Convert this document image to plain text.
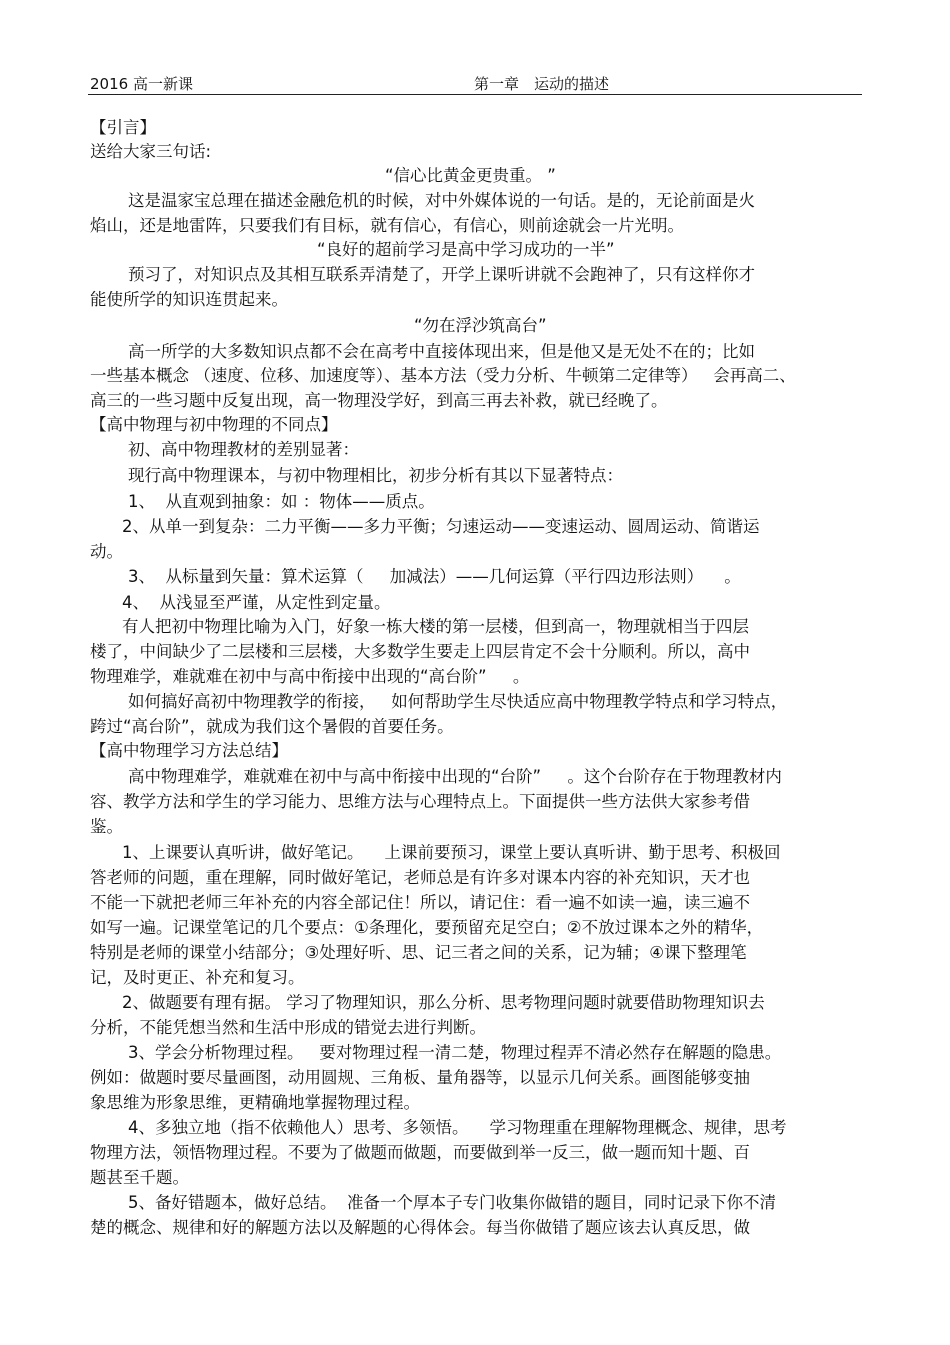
2016 高一新课	第一章　运动的描述
【引言】
送给大家三句话:
“信心比黄金更贵重。 ”
这是温家宝总理在描述金融危机的时候，对中外媒体说的一句话。是的，无论前面是火
焰山，还是地雷阵，只要我们有目标，就有信心，有信心，则前途就会一片光明。
“良好的超前学习是高中学习成功的一半”
预习了，对知识点及其相互联系弄清楚了，开学上课听讲就不会跑神了，只有这样你才
能使所学的知识连贯起来。
“勿在浮沙筑高台”
高一所学的大多数知识点都不会在高考中直接体现出来，但是他又是无处不在的；比如
一些基本概念 （速度、位移、加速度等）、基本方法（受力分析、牛顿第二定律等）   会再高二、
高三的一些习题中反复出现，高一物理没学好，到高三再去补救，就已经晚了。
【高中物理与初中物理的不同点】
初、高中物理教材的差别显著：
现行高中物理课本，与初中物理相比，初步分析有其以下显著特点：
1、  从直观到抽象：如 ：物体——质点。
2、从单一到复杂：二力平衡——多力平衡；匀速运动——变速运动、圆周运动、简谐运
动。
3、  从标量到矢量：算术运算（     加减法）——几何运算（平行四边形法则）    。
4、  从浅显至严谨，从定性到定量。
有人把初中物理比喻为入门，好象一栋大楼的第一层楼，但到高一，物理就相当于四层
楼了，中间缺少了二层楼和三层楼，大多数学生要走上四层肯定不会十分顺利。所以，高中
物理难学，难就难在初中与高中衔接中出现的“高台阶”     。
如何搞好高初中物理教学的衔接，   如何帮助学生尽快适应高中物理教学特点和学习特点，
跨过“高台阶”，就成为我们这个暑假的首要任务。
【高中物理学习方法总结】
高中物理难学，难就难在初中与高中衔接中出现的“台阶”     。这个台阶存在于物理教材内
容、教学方法和学生的学习能力、思维方法与心理特点上。下面提供一些方法供大家参考借
鉴。
1、上课要认真听讲，做好笔记。    上课前要预习，课堂上要认真听讲、勤于思考、积极回
答老师的问题，重在理解，同时做好笔记，老师总是有许多对课本内容的补充知识，天才也
不能一下就把老师三年补充的内容全部记住！所以，请记住：看一遍不如读一遍，读三遍不
如写一遍。记课堂笔记的几个要点：①条理化，要预留充足空白；②不放过课本之外的精华，
特别是老师的课堂小结部分；③处理好听、思、记三者之间的关系，记为辅；④课下整理笔
记，及时更正、补充和复习。
2、做题要有理有据。 学习了物理知识，那么分析、思考物理问题时就要借助物理知识去
分析，不能凭想当然和生活中形成的错觉去进行判断。
3、学会分析物理过程。   要对物理过程一清二楚，物理过程弄不清必然存在解题的隐患。
例如：做题时要尽量画图，动用圆规、三角板、量角器等，以显示几何关系。画图能够变抽
象思维为形象思维，更精确地掌握物理过程。
4、多独立地（指不依赖他人）思考、多领悟。    学习物理重在理解物理概念、规律，思考
物理方法，领悟物理过程。不要为了做题而做题，而要做到举一反三，做一题而知十题、百
题甚至千题。
5、备好错题本，做好总结。  准备一个厚本子专门收集你做错的题目，同时记录下你不清
楚的概念、规律和好的解题方法以及解题的心得体会。每当你做错了题应该去认真反思，做
